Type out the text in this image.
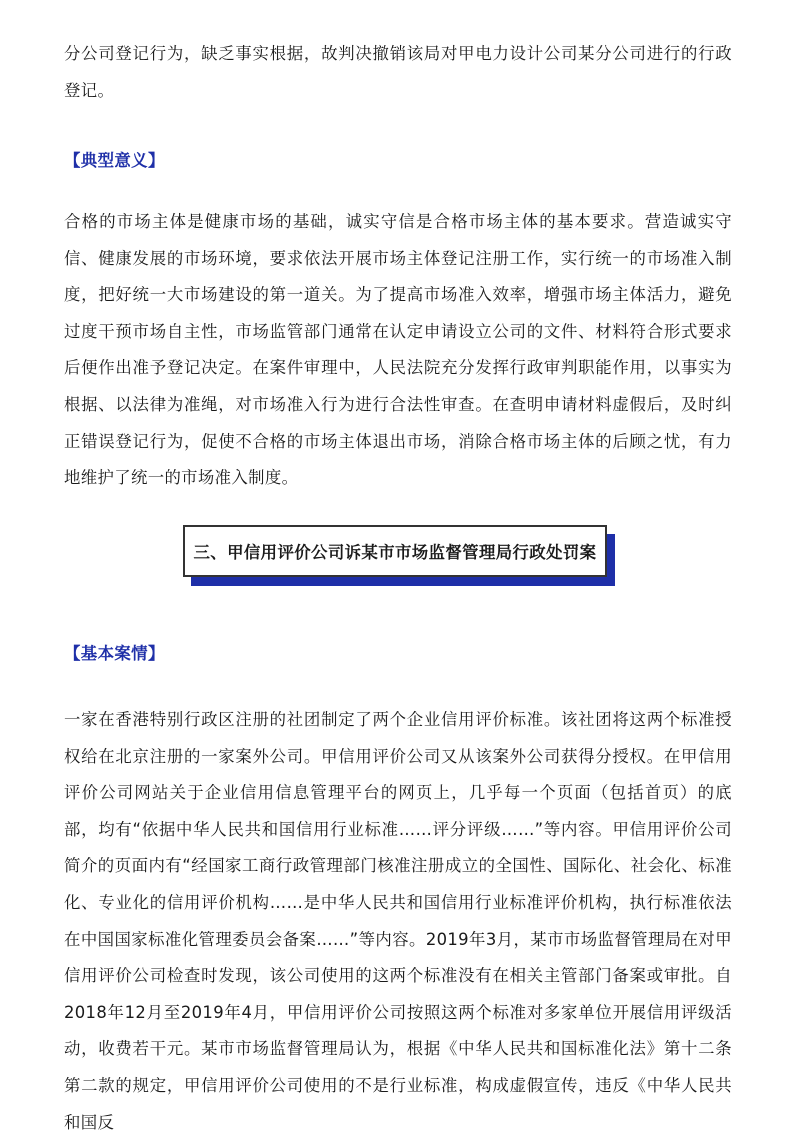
分公司登记行为，缺乏事实根据，故判决撤销该局对甲电力设计公司某分公司进行的行政登记。

【典型意义】

合格的市场主体是健康市场的基础，诚实守信是合格市场主体的基本要求。营造诚实守信、健康发展的市场环境，要求依法开展市场主体登记注册工作，实行统一的市场准入制度，把好统一大市场建设的第一道关。为了提高市场准入效率，增强市场主体活力，避免过度干预市场自主性，市场监管部门通常在认定申请设立公司的文件、材料符合形式要求后便作出准予登记决定。在案件审理中，人民法院充分发挥行政审判职能作用，以事实为根据、以法律为准绳，对市场准入行为进行合法性审查。在查明申请材料虚假后，及时纠正错误登记行为，促使不合格的市场主体退出市场，消除合格市场主体的后顾之忧，有力地维护了统一的市场准入制度。

三、甲信用评价公司诉某市市场监督管理局行政处罚案
【基本案情】

一家在香港特别行政区注册的社团制定了两个企业信用评价标准。该社团将这两个标准授权给在北京注册的一家案外公司。甲信用评价公司又从该案外公司获得分授权。在甲信用评价公司网站关于企业信用信息管理平台的网页上，几乎每一个页面（包括首页）的底部，均有“依据中华人民共和国信用行业标准……评分评级……”等内容。甲信用评价公司简介的页面内有“经国家工商行政管理部门核准注册成立的全国性、国际化、社会化、标准化、专业化的信用评价机构……是中华人民共和国信用行业标准评价机构，执行标准依法在中国国家标准化管理委员会备案……”等内容。2019年3月，某市市场监督管理局在对甲信用评价公司检查时发现，该公司使用的这两个标准没有在相关主管部门备案或审批。自2018年12月至2019年4月，甲信用评价公司按照这两个标准对多家单位开展信用评级活动，收费若干元。某市市场监督管理局认为，根据《中华人民共和国标准化法》第十二条第二款的规定，甲信用评价公司使用的不是行业标准，构成虚假宣传，违反《中华人民共和国反
